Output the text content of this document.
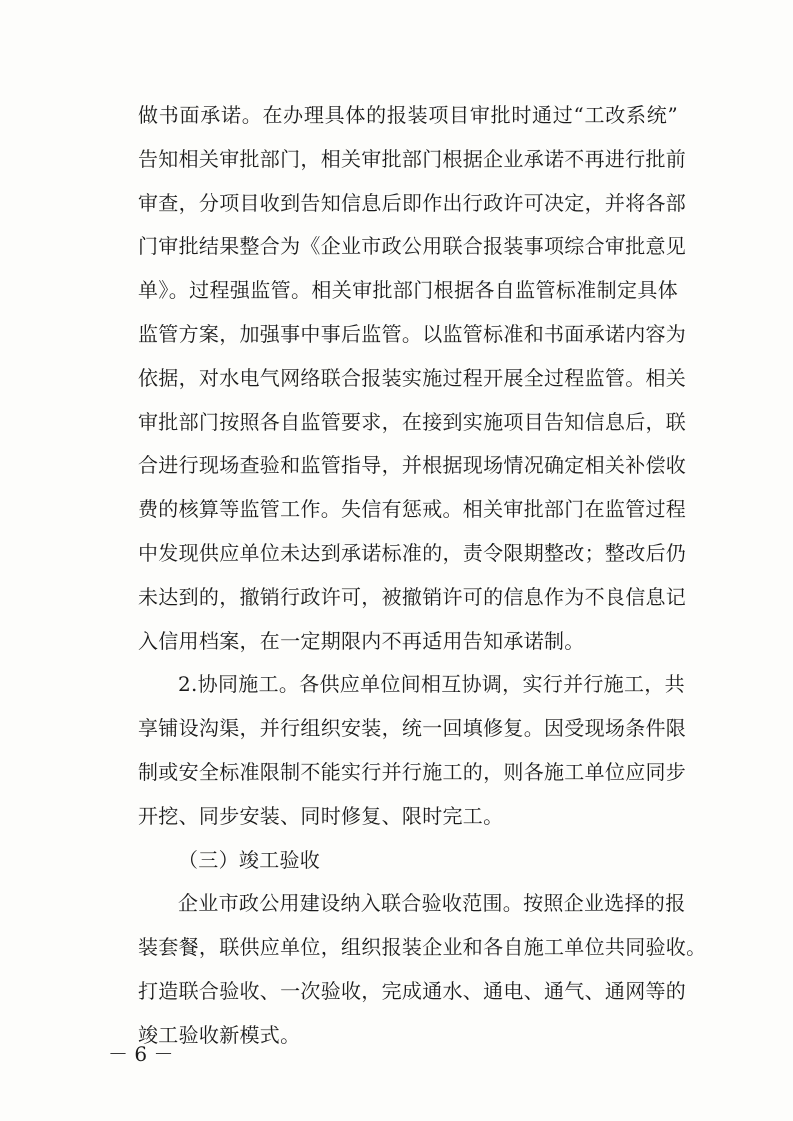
做书面承诺。在办理具体的报装项目审批时通过“工改系统”
告知相关审批部门，相关审批部门根据企业承诺不再进行批前
审查，分项目收到告知信息后即作出行政许可决定，并将各部
门审批结果整合为《企业市政公用联合报装事项综合审批意见
单》。过程强监管。相关审批部门根据各自监管标准制定具体
监管方案，加强事中事后监管。以监管标准和书面承诺内容为
依据，对水电气网络联合报装实施过程开展全过程监管。相关
审批部门按照各自监管要求，在接到实施项目告知信息后，联
合进行现场查验和监管指导，并根据现场情况确定相关补偿收
费的核算等监管工作。失信有惩戒。相关审批部门在监管过程
中发现供应单位未达到承诺标准的，责令限期整改；整改后仍
未达到的，撤销行政许可，被撤销许可的信息作为不良信息记
入信用档案，在一定期限内不再适用告知承诺制。
2.协同施工。各供应单位间相互协调，实行并行施工，共
享铺设沟渠，并行组织安装，统一回填修复。因受现场条件限
制或安全标准限制不能实行并行施工的，则各施工单位应同步
开挖、同步安装、同时修复、限时完工。
（三）竣工验收
企业市政公用建设纳入联合验收范围。按照企业选择的报
装套餐，联供应单位，组织报装企业和各自施工单位共同验收。
打造联合验收、一次验收，完成通水、通电、通气、通网等的
竣工验收新模式。
－ 6 －
